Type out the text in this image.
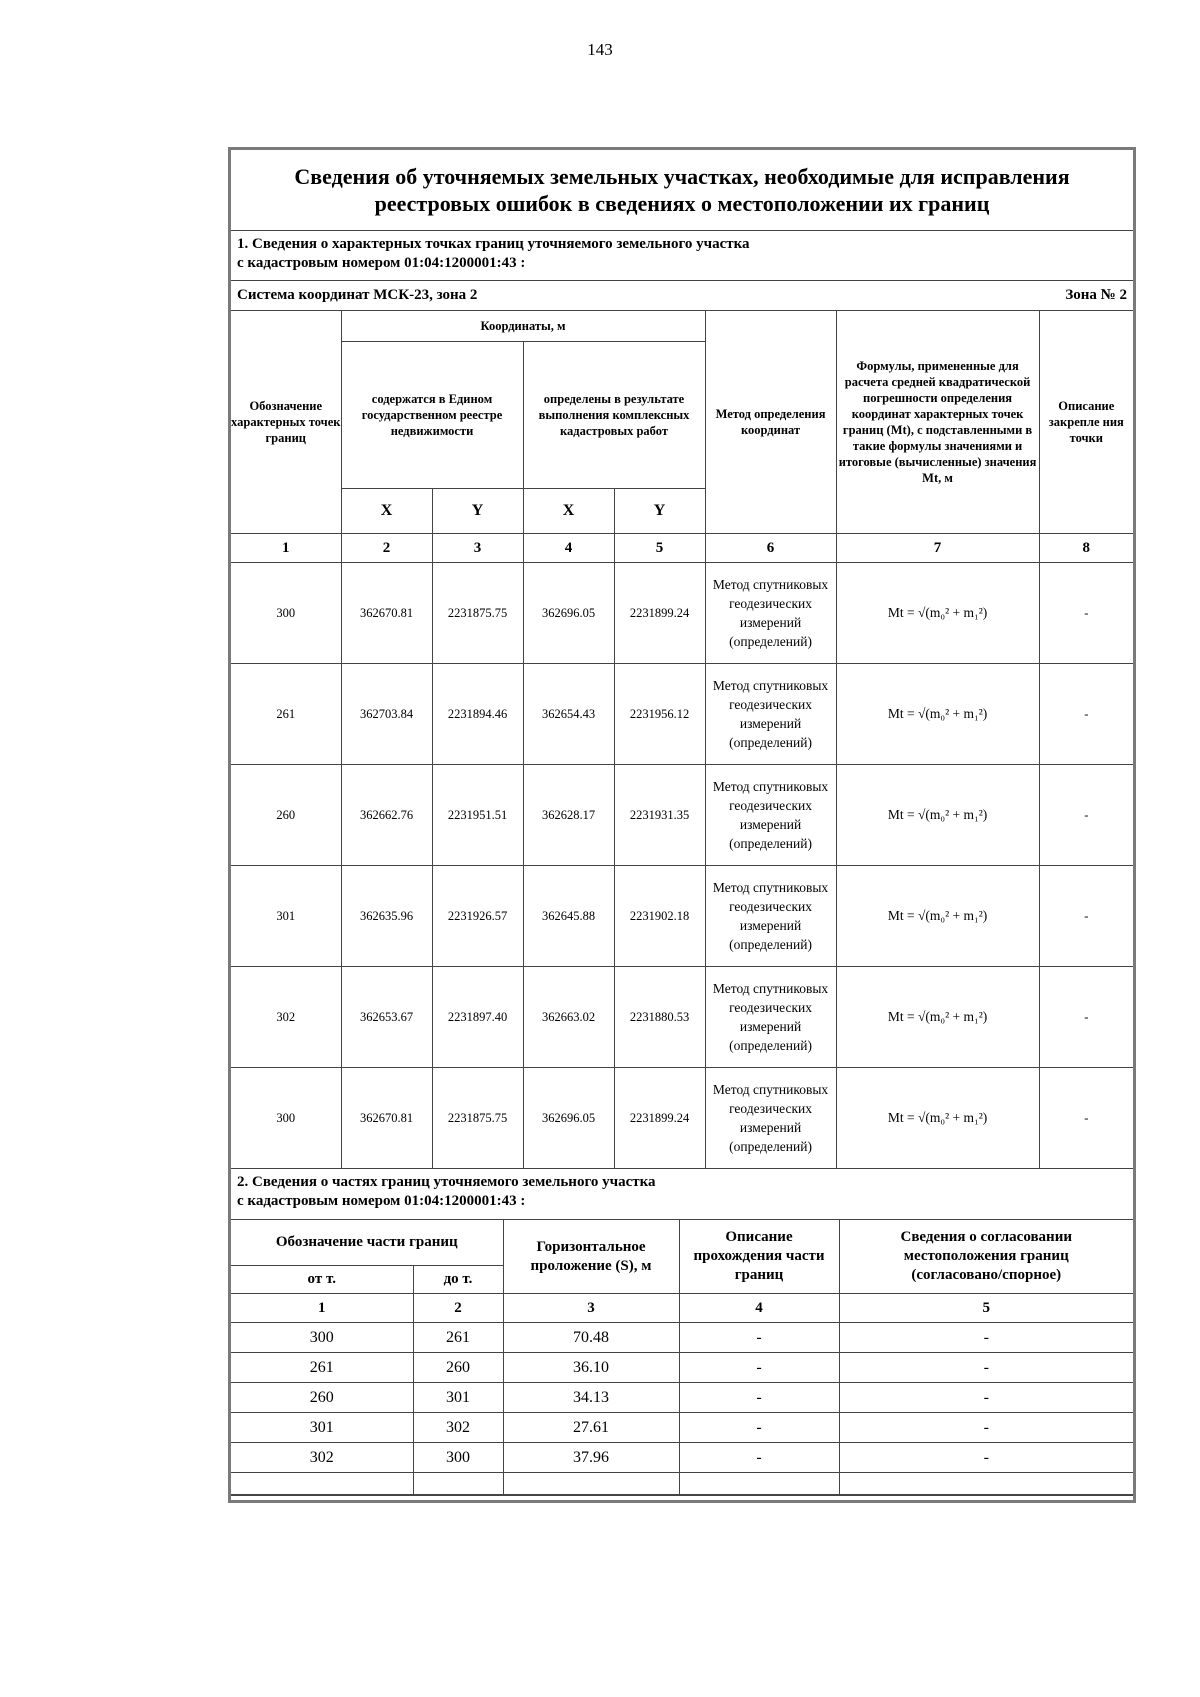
143
Сведения об уточняемых земельных участках, необходимые для исправления
реестровых ошибок в сведениях о местоположении их границ
1. Сведения о характерных точках границ уточняемого земельного участка
с кадастровым номером 01:04:1200001:43 :
Система координат МСК-23, зона 2	Зона № 2
Обозначение характерных точек границ	Координаты, м				Метод определения координат	Формулы, примененные для расчета средней квадратической погрешности определения координат характерных точек границ (Mt), с подставленными в такие формулы значениями и итоговые (вычисленные) значения Mt, м	Описание закрепле ния точки
	содержатся в Едином государственном реестре недвижимости		определены в результате выполнения комплексных кадастровых работ				
	X	Y	X	Y			
1	2	3	4	5	6	7	8
300	362670.81	2231875.75	362696.05	2231899.24	Метод спутниковых геодезических измерений (определений)	Mt = √(m₀² + m₁²)	-
261	362703.84	2231894.46	362654.43	2231956.12	Метод спутниковых геодезических измерений (определений)	Mt = √(m₀² + m₁²)	-
260	362662.76	2231951.51	362628.17	2231931.35	Метод спутниковых геодезических измерений (определений)	Mt = √(m₀² + m₁²)	-
301	362635.96	2231926.57	362645.88	2231902.18	Метод спутниковых геодезических измерений (определений)	Mt = √(m₀² + m₁²)	-
302	362653.67	2231897.40	362663.02	2231880.53	Метод спутниковых геодезических измерений (определений)	Mt = √(m₀² + m₁²)	-
300	362670.81	2231875.75	362696.05	2231899.24	Метод спутниковых геодезических измерений (определений)	Mt = √(m₀² + m₁²)	-
2. Сведения о частях границ уточняемого земельного участка
с кадастровым номером 01:04:1200001:43 :
Обозначение части границ		Горизонтальное проложение (S), м	Описание прохождения части границ	Сведения о согласовании местоположения границ (согласовано/спорное)
от т.	до т.			
1	2	3	4	5
300	261	70.48	-	-
261	260	36.10	-	-
260	301	34.13	-	-
301	302	27.61	-	-
302	300	37.96	-	-
